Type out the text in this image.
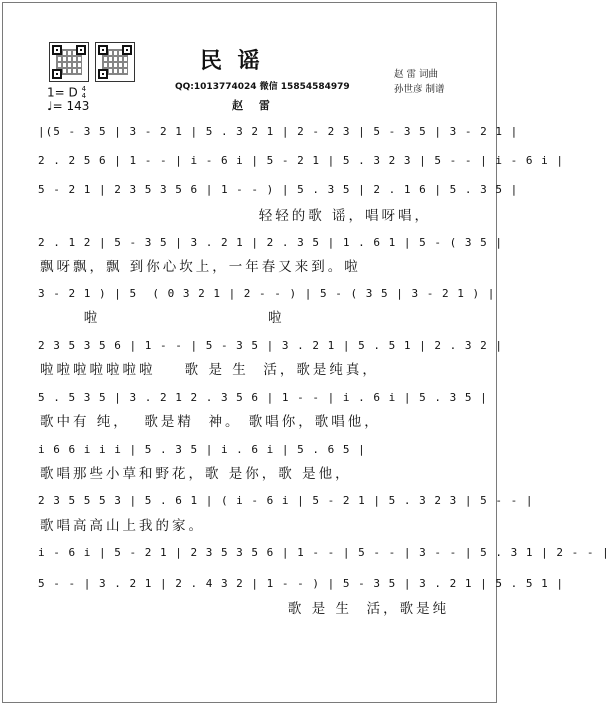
民 谣
QQ:1013774024 微信 15854584979
赵 雷 词曲
孙世彦 制谱
1= D 4
4
♩= 143	赵 雷
|(5 - 3 5 | 3 - 2 1 | 5 . 3 2 1 | 2 - 2 3 | 5 - 3 5 | 3 - 2 1 |
2 . 2 5 6 | 1 - - | i - 6 i | 5 - 2 1 | 5 . 3 2 3 | 5 - - | i - 6 i |
5 - 2 1 | 2 3 5 3 5 6 | 1 - - ) | 5 . 3 5 | 2 . 1 6 | 5 . 3 5 |
轻轻的歌 谣，唱呀唱，
2 . 1 2 | 5 - 3 5 | 3 . 2 1 | 2 . 3 5 | 1 . 6 1 | 5 - ( 3 5 |
飘呀飘，飘 到你心坎上，一年春又来到。啦
3 - 2 1 ) | 5  ( 0 3 2 1 | 2 - - ) | 5 - ( 3 5 | 3 - 2 1 ) |
啦                       啦
2 3 5 3 5 6 | 1 - - | 5 - 3 5 | 3 . 2 1 | 5 . 5 1 | 2 . 3 2 |
啦啦啦啦啦啦啦    歌 是 生  活，歌是纯真，
5 . 5 3 5 | 3 . 2 1 2 . 3 5 6 | 1 - - | i . 6 i | 5 . 3 5 |
歌中有 纯，  歌是精  神。 歌唱你，歌唱他，
i 6 6 i i i | 5 . 3 5 | i . 6 i | 5 . 6 5 |
歌唱那些小草和野花，歌 是你，歌 是他，
2 3 5 5 5 3 | 5 . 6 1 | ( i - 6 i | 5 - 2 1 | 5 . 3 2 3 | 5 - - |
歌唱高高山上我的家。
i - 6 i | 5 - 2 1 | 2 3 5 3 5 6 | 1 - - | 5 - - | 3 - - | 5 . 3 1 | 2 - - |
5 - - | 3 . 2 1 | 2 . 4 3 2 | 1 - - ) | 5 - 3 5 | 3 . 2 1 | 5 . 5 1 |
歌 是 生  活，歌是纯
